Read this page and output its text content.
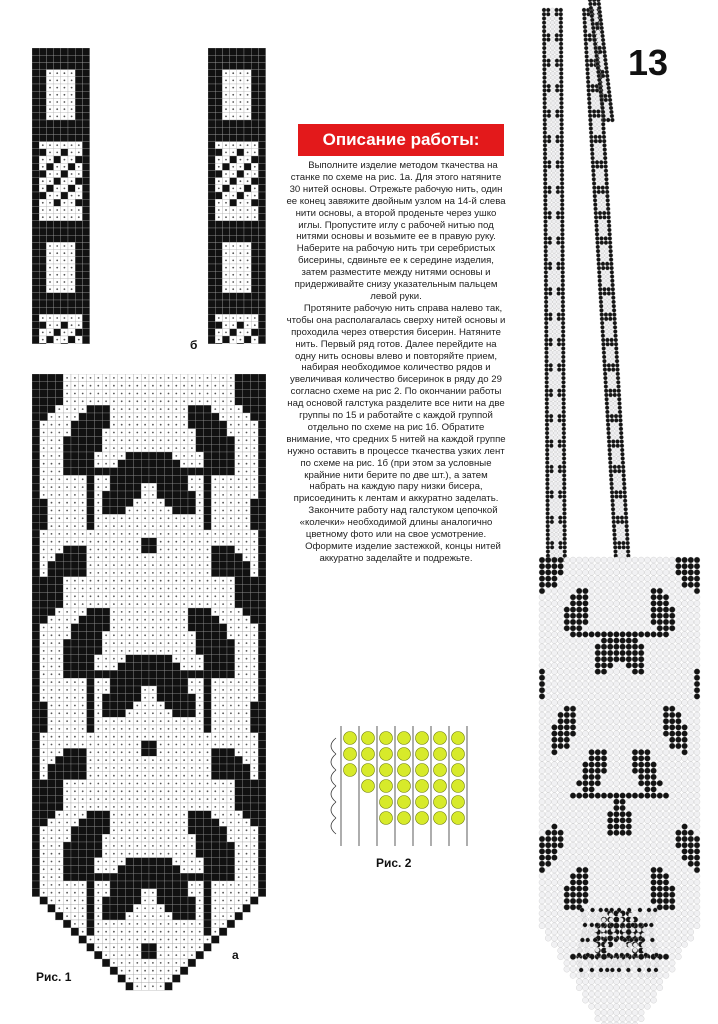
13
Описание работы:

Выполните изделие методом ткачества на станке по схеме на рис. 1а. Для этого натяните 30 нитей основы. Отрежьте рабочую нить, один ее конец завяжите двойным узлом на 14-й слева нити основы, а второй проденьте через ушко иглы. Пропустите иглу с рабочей нитью под нитями основы и возьмите ее в правую руку. Наберите на рабочую нить три серебристых бисерины, сдвиньте ее к середине изделия, затем разместите между нитями основы и придерживайте снизу указательным пальцем левой руки.

Протяните рабочую нить справа налево так, чтобы она располагалась сверху нитей основы и проходила через отверстия бисерин. Натяните нить. Первый ряд готов. Далее перейдите на одну нить основы влево и повторяйте прием, набирая необходимое количество рядов и увеличивая количество бисеринок в ряду до 29 согласно схеме на рис 2. По окончании работы над основой галстука разделите все нити на две группы по 15 и работайте с каждой группой отдельно по схеме на рис 1б. Обратите внимание, что средних 5 нитей на каждой группе нужно оставить в процессе ткачества узких лент по схеме на рис. 1б (при этом за условные крайние нити берите по две шт.), а затем набрать на каждую пару низки бисера, присоединить к лентам и аккуратно заделать.

Закончите работу над галстуком цепочкой «колечки» необходимой длины аналогично цветному фото или на свое усмотрение.

Оформите изделие застежкой, концы нитей аккуратно заделайте и подрежьте.

б
а
Рис. 1
Рис. 2
